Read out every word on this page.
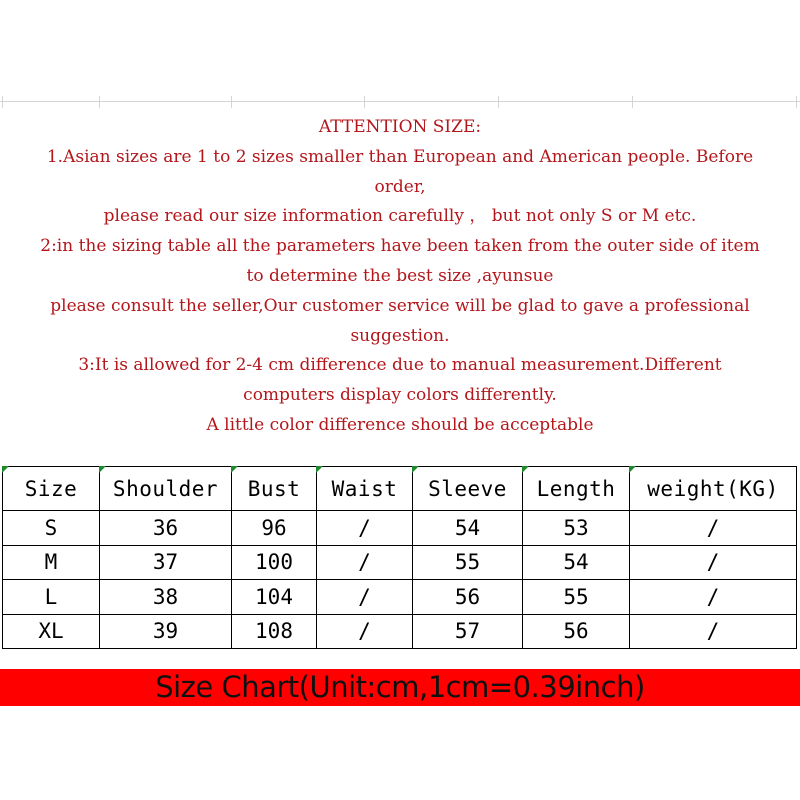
ATTENTION SIZE:
1.Asian sizes are 1 to 2 sizes smaller than European and American people. Before
order,
please read our size information carefully ， but not only S or M etc.
2:in the sizing table all the parameters have been taken from the outer side of item
to determine the best size ,ayunsue
please consult the seller,Our customer service will be glad to gave a professional
suggestion.
3:It is allowed for 2-4 cm difference due to manual measurement.Different
computers display colors differently.
A little color difference should be acceptable
Size	Shoulder	Bust	Waist	Sleeve	Length	weight(KG)
S	36	96	/	54	53	/
M	37	100	/	55	54	/
L	38	104	/	56	55	/
XL	39	108	/	57	56	/
Size Chart(Unit:cm,1cm=0.39inch)
